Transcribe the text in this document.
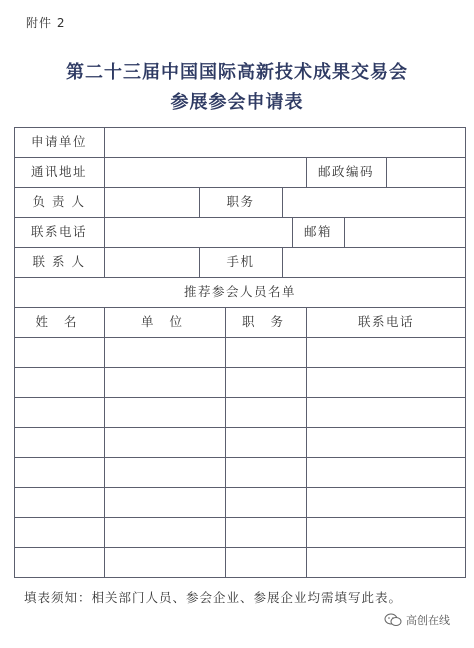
附件 2
第二十三届中国国际高新技术成果交易会
参展参会申请表
申请单位
通讯地址	邮政编码
负 责 人	职务
联系电话	邮箱
联 系 人	手机
推荐参会人员名单
姓 名	单 位	职 务	联系电话
填表须知：相关部门人员、参会企业、参展企业均需填写此表。
高创在线
